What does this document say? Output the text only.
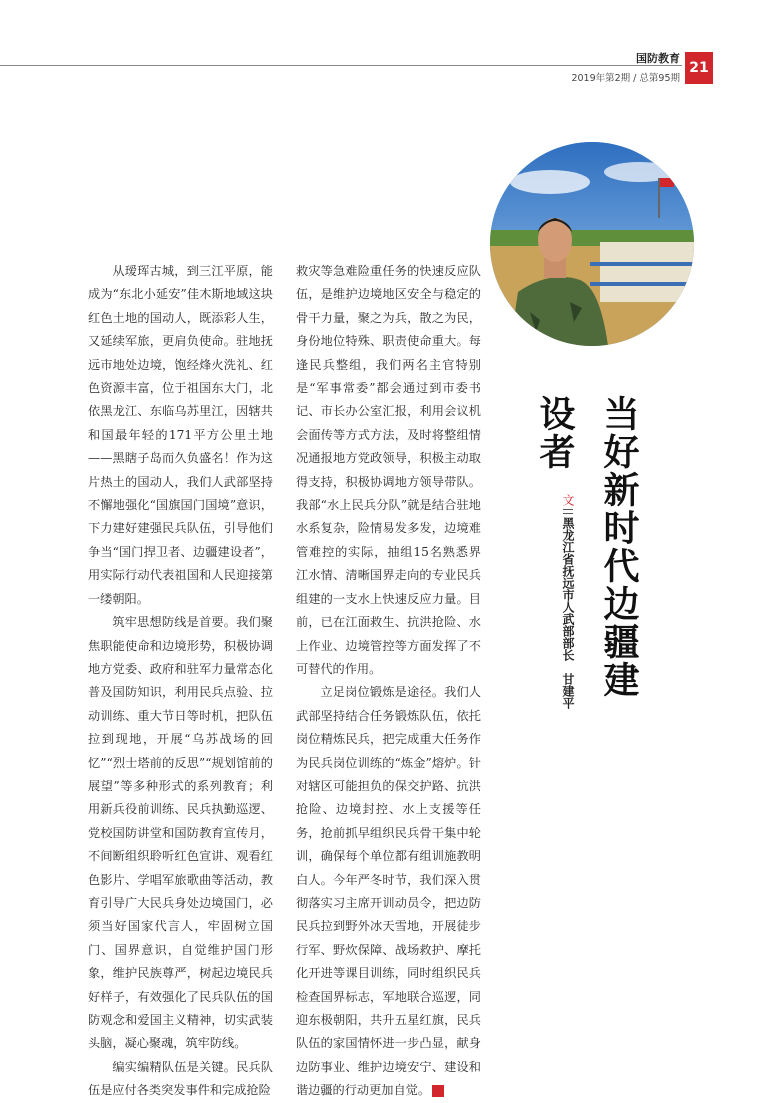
国防教育
2019年第2期 / 总第95期
21
当好新时代边疆建设者
文黑龙江省抚远市人武部部长　甘建平

从瑷珲古城，到三江平原，能成为“东北小延安”佳木斯地域这块红色土地的国动人，既添彩人生，又延续军旅，更肩负使命。驻地抚远市地处边境，饱经烽火洗礼、红色资源丰富，位于祖国东大门，北依黑龙江、东临乌苏里江，因辖共和国最年轻的171平方公里土地——黑瞎子岛而久负盛名！作为这片热土的国动人，我们人武部坚持不懈地强化“国旗国门国境”意识，下力建好建强民兵队伍，引导他们争当“国门捍卫者、边疆建设者”，用实际行动代表祖国和人民迎接第一缕朝阳。

筑牢思想防线是首要。我们聚焦职能使命和边境形势，积极协调地方党委、政府和驻军力量常态化普及国防知识，利用民兵点验、拉动训练、重大节日等时机，把队伍拉到现地，开展“乌苏战场的回忆”“烈士塔前的反思”“规划馆前的展望”等多种形式的系列教育；利用新兵役前训练、民兵执勤巡逻、党校国防讲堂和国防教育宣传月，不间断组织聆听红色宣讲、观看红色影片、学唱军旅歌曲等活动，教育引导广大民兵身处边境国门，必须当好国家代言人，牢固树立国门、国界意识，自觉维护国门形象，维护民族尊严，树起边境民兵好样子，有效强化了民兵队伍的国防观念和爱国主义精神，切实武装头脑，凝心聚魂，筑牢防线。

编实编精队伍是关键。民兵队伍是应付各类突发事件和完成抢险

救灾等急难险重任务的快速反应队伍，是维护边境地区安全与稳定的骨干力量，聚之为兵，散之为民，身份地位特殊、职责使命重大。每逢民兵整组，我们两名主官特别是“军事常委”都会通过到市委书记、市长办公室汇报，利用会议机会面传等方式方法，及时将整组情况通报地方党政领导，积极主动取得支持，积极协调地方领导带队。我部“水上民兵分队”就是结合驻地水系复杂，险情易发多发，边境难管难控的实际，抽组15名熟悉界江水情、清晰国界走向的专业民兵组建的一支水上快速反应力量。目前，已在江面救生、抗洪抢险、水上作业、边境管控等方面发挥了不可替代的作用。

立足岗位锻炼是途径。我们人武部坚持结合任务锻炼队伍，依托岗位精炼民兵，把完成重大任务作为民兵岗位训练的“炼金”熔炉。针对辖区可能担负的保交护路、抗洪抢险、边境封控、水上支援等任务，抢前抓早组织民兵骨干集中轮训，确保每个单位都有组训施教明白人。今年严冬时节，我们深入贯彻落实习主席开训动员令，把边防民兵拉到野外冰天雪地，开展徒步行军、野炊保障、战场救护、摩托化开进等课目训练，同时组织民兵检查国界标志，军地联合巡逻，同迎东极朝阳，共升五星红旗，民兵队伍的家国情怀进一步凸显，献身边防事业、维护边境安宁、建设和谐边疆的行动更加自觉。	G
